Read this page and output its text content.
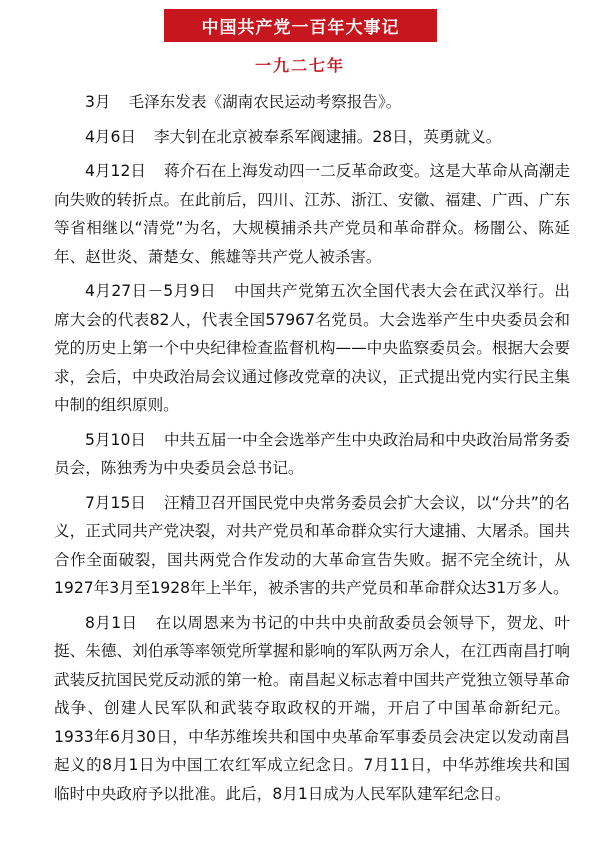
中国共产党一百年大事记
一九二七年

3月 毛泽东发表《湖南农民运动考察报告》。

4月6日 李大钊在北京被奉系军阀逮捕。28日，英勇就义。

4月12日 蒋介石在上海发动四一二反革命政变。这是大革命从高潮走向失败的转折点。在此前后，四川、江苏、浙江、安徽、福建、广西、广东等省相继以“清党”为名，大规模捕杀共产党员和革命群众。杨闇公、陈延年、赵世炎、萧楚女、熊雄等共产党人被杀害。

4月27日－5月9日 中国共产党第五次全国代表大会在武汉举行。出席大会的代表82人，代表全国57967名党员。大会选举产生中央委员会和党的历史上第一个中央纪律检查监督机构——中央监察委员会。根据大会要求，会后，中央政治局会议通过修改党章的决议，正式提出党内实行民主集中制的组织原则。

5月10日 中共五届一中全会选举产生中央政治局和中央政治局常务委员会，陈独秀为中央委员会总书记。

7月15日 汪精卫召开国民党中央常务委员会扩大会议，以“分共”的名义，正式同共产党决裂，对共产党员和革命群众实行大逮捕、大屠杀。国共合作全面破裂，国共两党合作发动的大革命宣告失败。据不完全统计，从1927年3月至1928年上半年，被杀害的共产党员和革命群众达31万多人。

8月1日 在以周恩来为书记的中共中央前敌委员会领导下，贺龙、叶挺、朱德、刘伯承等率领党所掌握和影响的军队两万余人，在江西南昌打响武装反抗国民党反动派的第一枪。南昌起义标志着中国共产党独立领导革命战争、创建人民军队和武装夺取政权的开端，开启了中国革命新纪元。1933年6月30日，中华苏维埃共和国中央革命军事委员会决定以发动南昌起义的8月1日为中国工农红军成立纪念日。7月11日，中华苏维埃共和国临时中央政府予以批准。此后，8月1日成为人民军队建军纪念日。
